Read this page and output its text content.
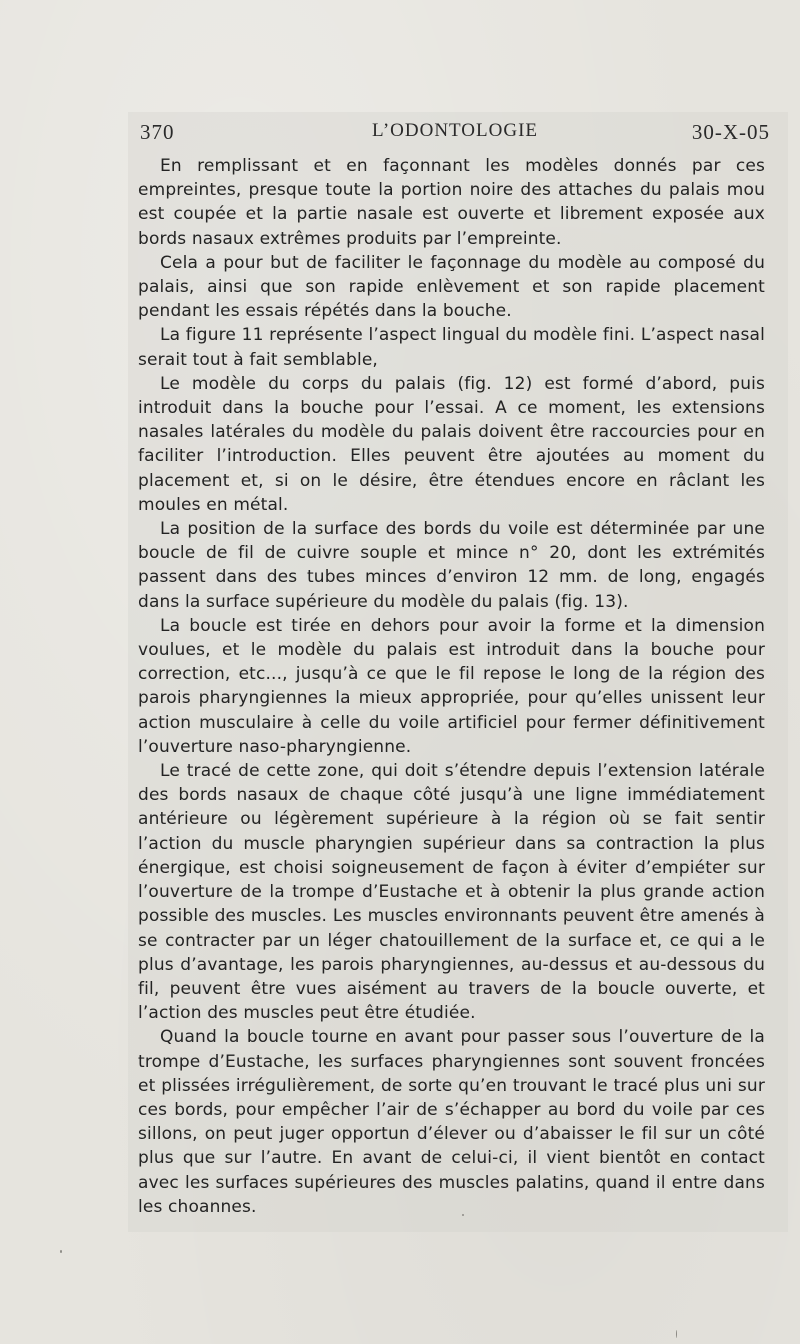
370	L’ODONTOLOGIE	30-X-05

En remplissant et en façonnant les modèles donnés par ces empreintes, presque toute la portion noire des attaches du palais mou est coupée et la partie nasale est ouverte et librement exposée aux bords nasaux extrêmes produits par l’empreinte.

Cela a pour but de faciliter le façonnage du modèle au composé du palais, ainsi que son rapide enlèvement et son rapide placement pendant les essais répétés dans la bouche.

La figure 11 représente l’aspect lingual du modèle fini. L’aspect nasal serait tout à fait semblable,

Le modèle du corps du palais (fig. 12) est formé d’abord, puis introduit dans la bouche pour l’essai. A ce moment, les extensions nasales latérales du modèle du palais doivent être raccourcies pour en faciliter l’introduction. Elles peuvent être ajoutées au moment du placement et, si on le désire, être étendues encore en râclant les moules en métal.

La position de la surface des bords du voile est déterminée par une boucle de fil de cuivre souple et mince n° 20, dont les extrémités passent dans des tubes minces d’environ 12 mm. de long, engagés dans la surface supérieure du modèle du palais (fig. 13).

La boucle est tirée en dehors pour avoir la forme et la dimension voulues, et le modèle du palais est introduit dans la bouche pour correction, etc..., jusqu’à ce que le fil repose le long de la région des parois pharyngiennes la mieux appropriée, pour qu’elles unissent leur action musculaire à celle du voile artificiel pour fermer définitivement l’ouverture naso-pharyngienne.

Le tracé de cette zone, qui doit s’étendre depuis l’extension latérale des bords nasaux de chaque côté jusqu’à une ligne immédiatement antérieure ou légèrement supérieure à la région où se fait sentir l’action du muscle pharyngien supérieur dans sa contraction la plus énergique, est choisi soigneusement de façon à éviter d’empiéter sur l’ouverture de la trompe d’Eustache et à obtenir la plus grande action possible des muscles. Les muscles environnants peuvent être amenés à se contracter par un léger chatouillement de la surface et, ce qui a le plus d’avantage, les parois pharyngiennes, au-dessus et au-dessous du fil, peuvent être vues aisément au travers de la boucle ouverte, et l’action des muscles peut être étudiée.

Quand la boucle tourne en avant pour passer sous l’ouverture de la trompe d’Eustache, les surfaces pharyngiennes sont souvent froncées et plissées irrégulièrement, de sorte qu’en trouvant le tracé plus uni sur ces bords, pour empêcher l’air de s’échapper au bord du voile par ces sillons, on peut juger opportun d’élever ou d’abaisser le fil sur un côté plus que sur l’autre. En avant de celui-ci, il vient bientôt en contact avec les surfaces supérieures des muscles palatins, quand il entre dans les choannes.
